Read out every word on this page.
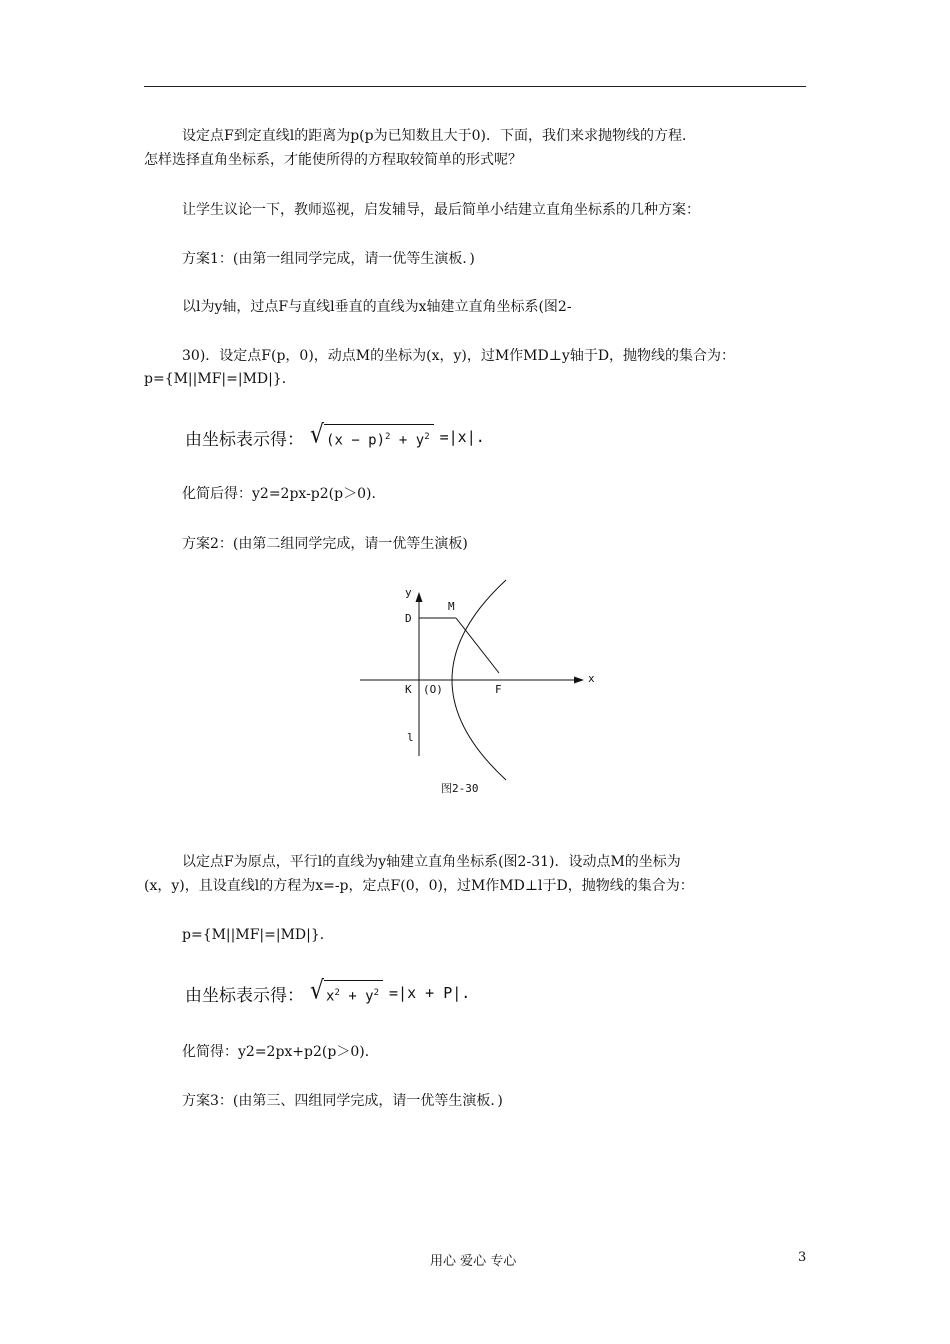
设定点F到定直线l的距离为p(p为已知数且大于0)．下面，我们来求抛物线的方程．

怎样选择直角坐标系，才能使所得的方程取较简单的形式呢？

让学生议论一下，教师巡视，启发辅导，最后简单小结建立直角坐标系的几种方案：

方案1：(由第一组同学完成，请一优等生演板．)

以l为y轴，过点F与直线l垂直的直线为x轴建立直角坐标系(图2-

30)．设定点F(p，0)，动点M的坐标为(x，y)，过M作MD⊥y轴于D，抛物线的集合为：

p={M||MF|=|MD|}．

由坐标表示得： √ $(x - p)^2 + y^2 =|x|$.

化简后得：y2=2px-p2(p＞0)．

方案2：(由第二组同学完成，请一优等生演板)

y
x
D
M
K (O)	F
l
图2-30

以定点F为原点，平行l的直线为y轴建立直角坐标系(图2-31)．设动点M的坐标为

(x，y)，且设直线l的方程为x=-p，定点F(0，0)，过M作MD⊥l于D，抛物线的集合为：

p={M||MF|=|MD|}．

由坐标表示得： √ $x^2 + y^2 =|x + P|$.

化简得：y2=2px+p2(p＞0)．

方案3：(由第三、四组同学完成，请一优等生演板．)

用心 爱心 专心	3
